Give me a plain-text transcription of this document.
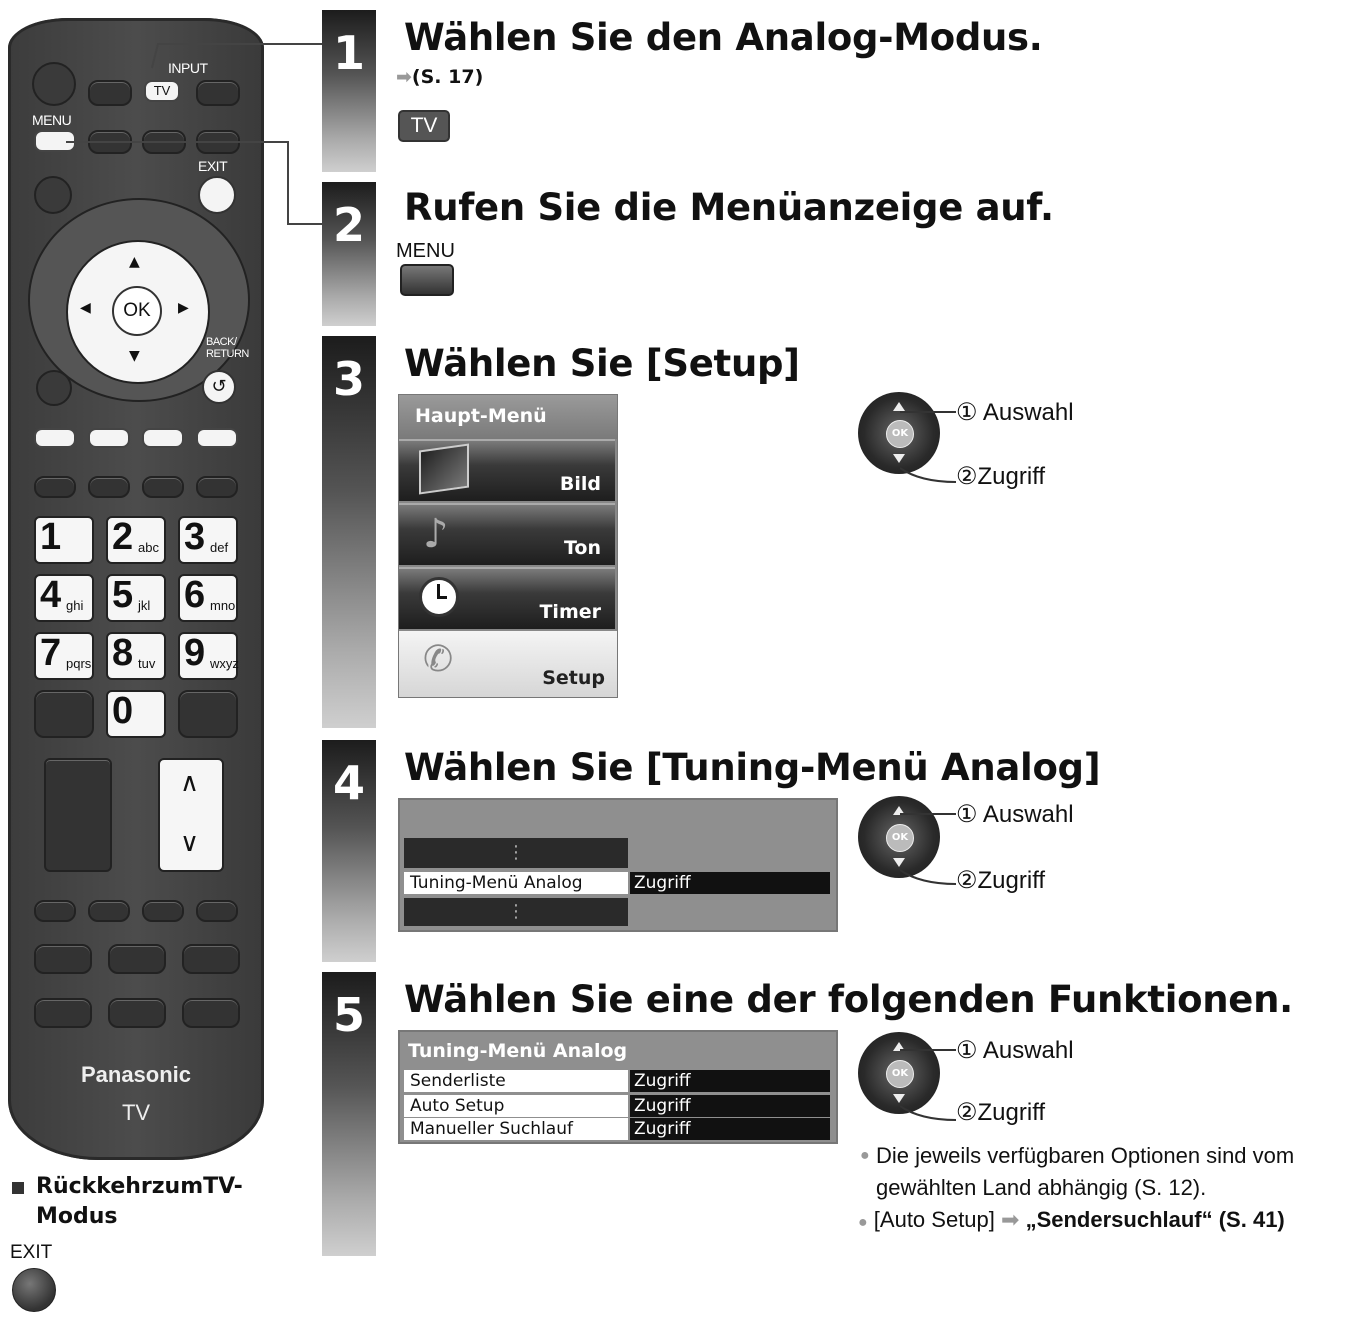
INPUT
TV
MENU
EXIT
OK
▲
▼
◀	▶
BACK/
RETURN
↺
1 2 abc 3 def
4 ghi 5 jkl 6 mno
7 pqrs 8 tuv 9 wxyz
0
∧
∨
Panasonic
TV
RückkehrzumTV-
Modus
EXIT
1 Wählen Sie den Analog-Modus.
➡(S. 17)
TV
2 Rufen Sie die Menüanzeige auf.
MENU
3 Wählen Sie [Setup]
Haupt-Menü
Bild
♪	Ton
Timer
✆	Setup
OK
① Auswahl
②Zugriff
4 Wählen Sie [Tuning-Menü Analog]
⋮
Tuning-Menü Analog	Zugriff
⋮
OK
① Auswahl
②Zugriff
5 Wählen Sie eine der folgenden Funktionen.
Tuning-Menü Analog
Senderliste	Zugriff
Auto Setup	Zugriff
Manueller Suchlauf	Zugriff
OK
① Auswahl
②Zugriff
● Die jeweils verfügbaren Optionen sind vom gewählten Land abhängig (S. 12).
● [Auto Setup] ➡ „Sendersuchlauf“ (S. 41)
